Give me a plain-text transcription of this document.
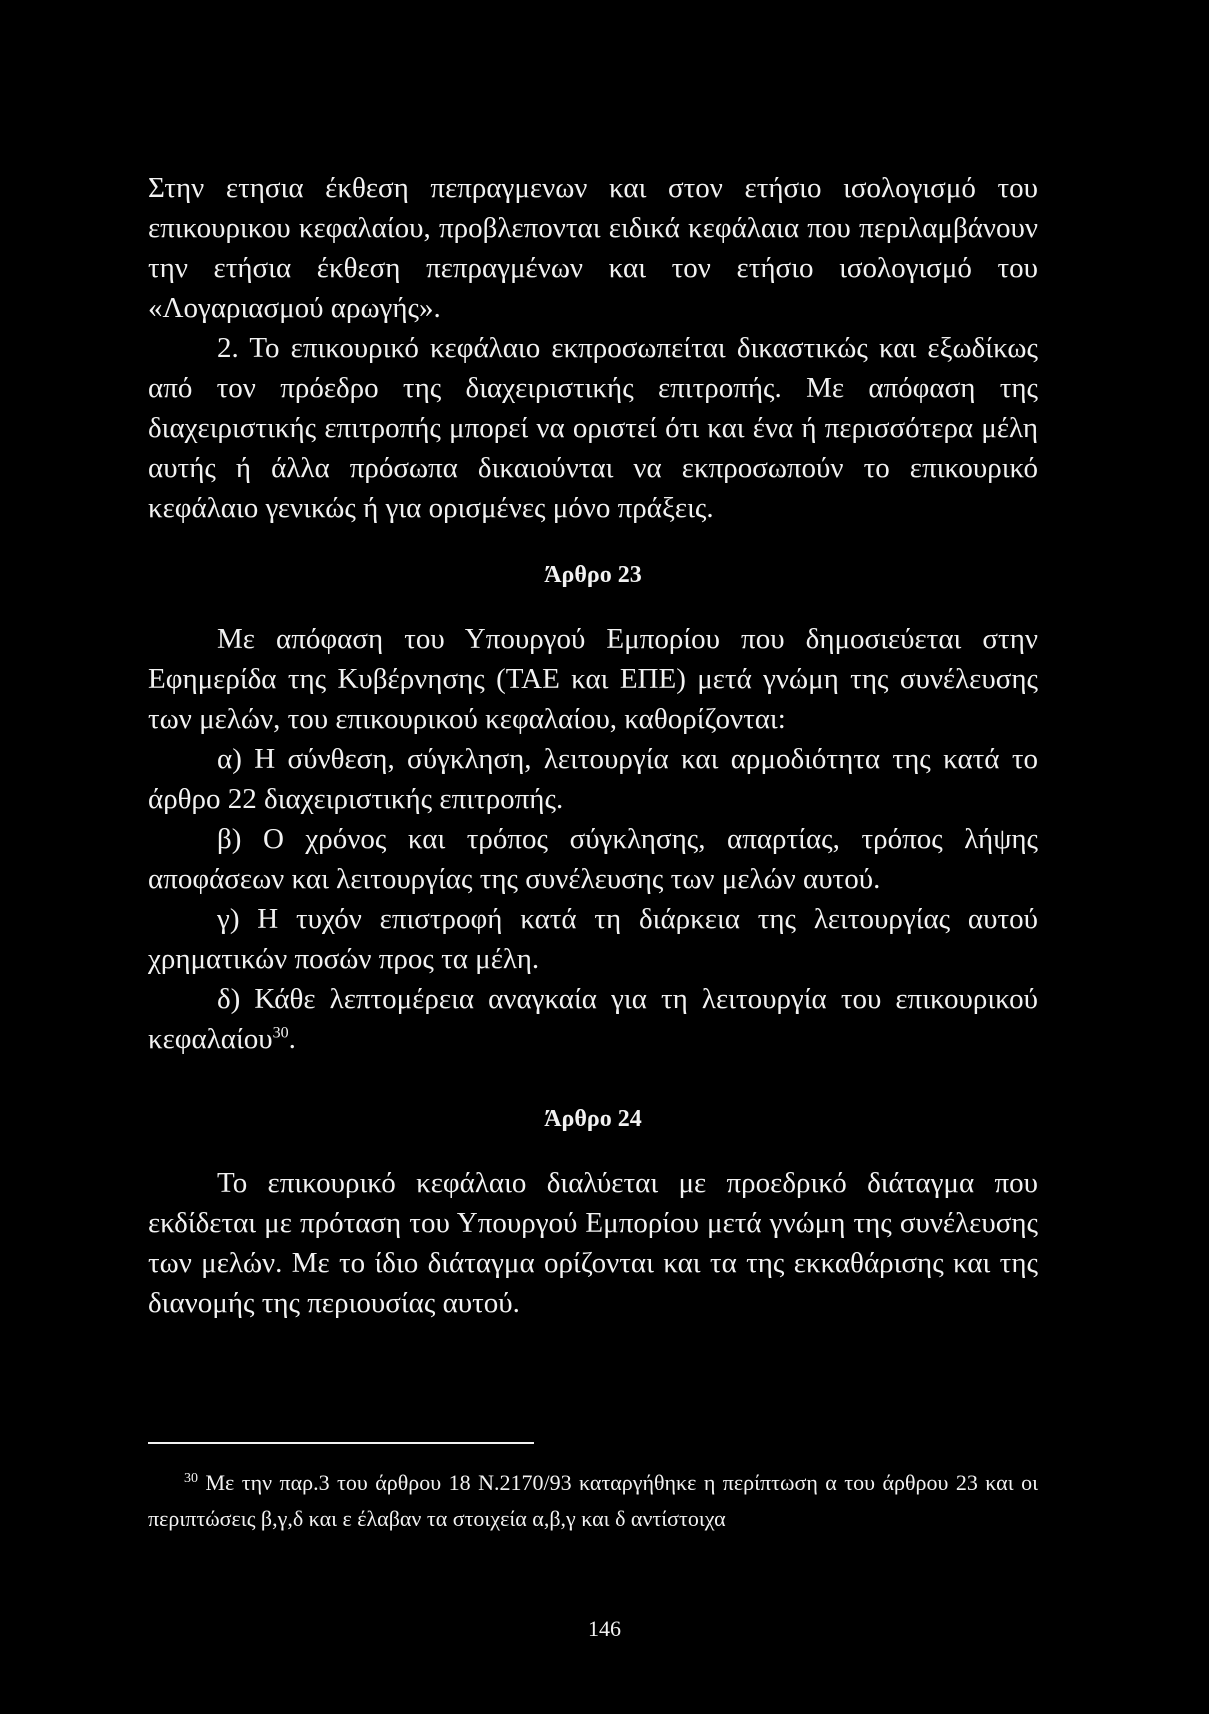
Στην ετησια έκθεση πεπραγμενων και στον ετήσιο ισολογισμό του επικουρικου κεφαλαίου, προβλεπονται ειδικά κεφάλαια που περιλαμβάνουν την ετήσια έκθεση πεπραγμένων και τον ετήσιο ισολογισμό του «Λογαριασμού αρωγής».

2. Το επικουρικό κεφάλαιο εκπροσωπείται δικαστικώς και εξωδίκως από τον πρόεδρο της διαχειριστικής επιτροπής. Με απόφαση της διαχειριστικής επιτροπής μπορεί να οριστεί ότι και ένα ή περισσότερα μέλη αυτής ή άλλα πρόσωπα δικαιούνται να εκπροσωπούν το επικουρικό κεφάλαιο γενικώς ή για ορισμένες μόνο πράξεις.

Άρθρο 23

Με απόφαση του Υπουργού Εμπορίου που δημοσιεύεται στην Εφημερίδα της Κυβέρνησης (ΤΑΕ και ΕΠΕ) μετά γνώμη της συνέλευσης των μελών, του επικουρικού κεφαλαίου, καθορίζονται:

α) Η σύνθεση, σύγκληση, λειτουργία και αρμοδιότητα της κατά το άρθρο 22 διαχειριστικής επιτροπής.

β) Ο χρόνος και τρόπος σύγκλησης, απαρτίας, τρόπος λήψης αποφάσεων και λειτουργίας της συνέλευσης των μελών αυτού.

γ) Η τυχόν επιστροφή κατά τη διάρκεια της λειτουργίας αυτού χρηματικών ποσών προς τα μέλη.

δ) Κάθε λεπτομέρεια αναγκαία για τη λειτουργία του επικουρικού κεφαλαίου$^{30}$.

Άρθρο 24

Το επικουρικό κεφάλαιο διαλύεται με προεδρικό διάταγμα που εκδίδεται με πρόταση του Υπουργού Εμπορίου μετά γνώμη της συνέλευσης των μελών. Με το ίδιο διάταγμα ορίζονται και τα της εκκαθάρισης και της διανομής της περιουσίας αυτού.

$^{30}$ Με την παρ.3 του άρθρου 18 Ν.2170/93 καταργήθηκε η περίπτωση α του άρθρου 23 και οι περιπτώσεις β,γ,δ και ε έλαβαν τα στοιχεία α,β,γ και δ αντίστοιχα
146
